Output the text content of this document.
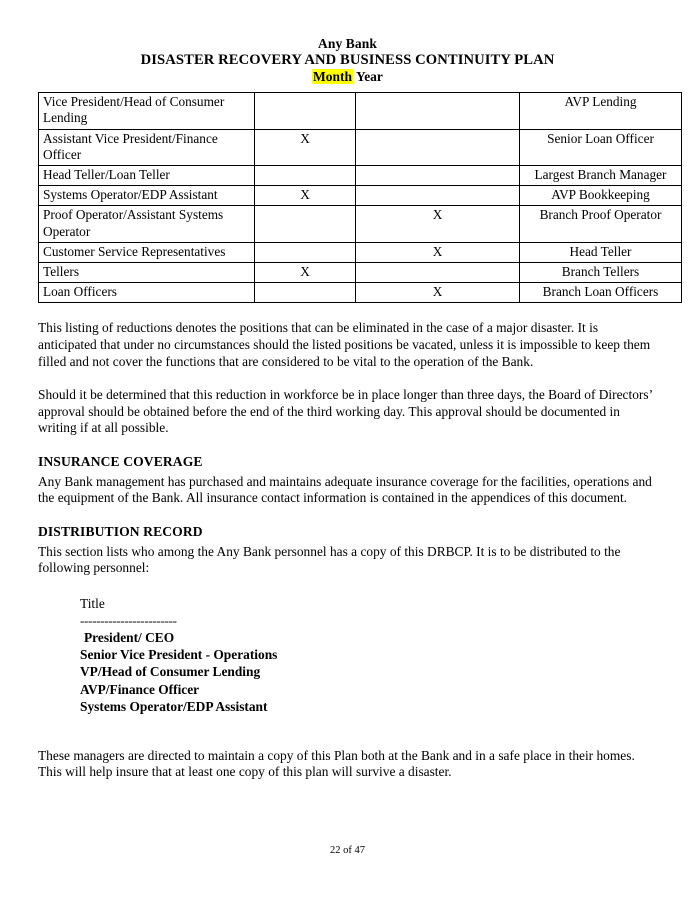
Any Bank
DISASTER RECOVERY AND BUSINESS CONTINUITY PLAN
Month Year
Vice President/Head of Consumer Lending			AVP Lending
Assistant Vice President/Finance Officer	X		Senior Loan Officer
Head Teller/Loan Teller			Largest Branch Manager
Systems Operator/EDP Assistant	X		AVP Bookkeeping
Proof Operator/Assistant Systems Operator		X	Branch Proof Operator
Customer Service Representatives		X	Head Teller
Tellers	X		Branch Tellers
Loan Officers		X	Branch Loan Officers

This listing of reductions denotes the positions that can be eliminated in the case of a major disaster. It is anticipated that under no circumstances should the listed positions be vacated, unless it is impossible to keep them filled and not cover the functions that are considered to be vital to the operation of the Bank.

Should it be determined that this reduction in workforce be in place longer than three days, the Board of Directors’ approval should be obtained before the end of the third working day. This approval should be documented in writing if at all possible.

INSURANCE COVERAGE

Any Bank management has purchased and maintains adequate insurance coverage for the facilities, operations and the equipment of the Bank. All insurance contact information is contained in the appendices of this document.

DISTRIBUTION RECORD

This section lists who among the Any Bank personnel has a copy of this DRBCP. It is to be distributed to the following personnel:

Title
------------------------
President/ CEO
Senior Vice President - Operations
VP/Head of Consumer Lending
AVP/Finance Officer
Systems Operator/EDP Assistant

These managers are directed to maintain a copy of this Plan both at the Bank and in a safe place in their homes. This will help insure that at least one copy of this plan will survive a disaster.

22 of 47
